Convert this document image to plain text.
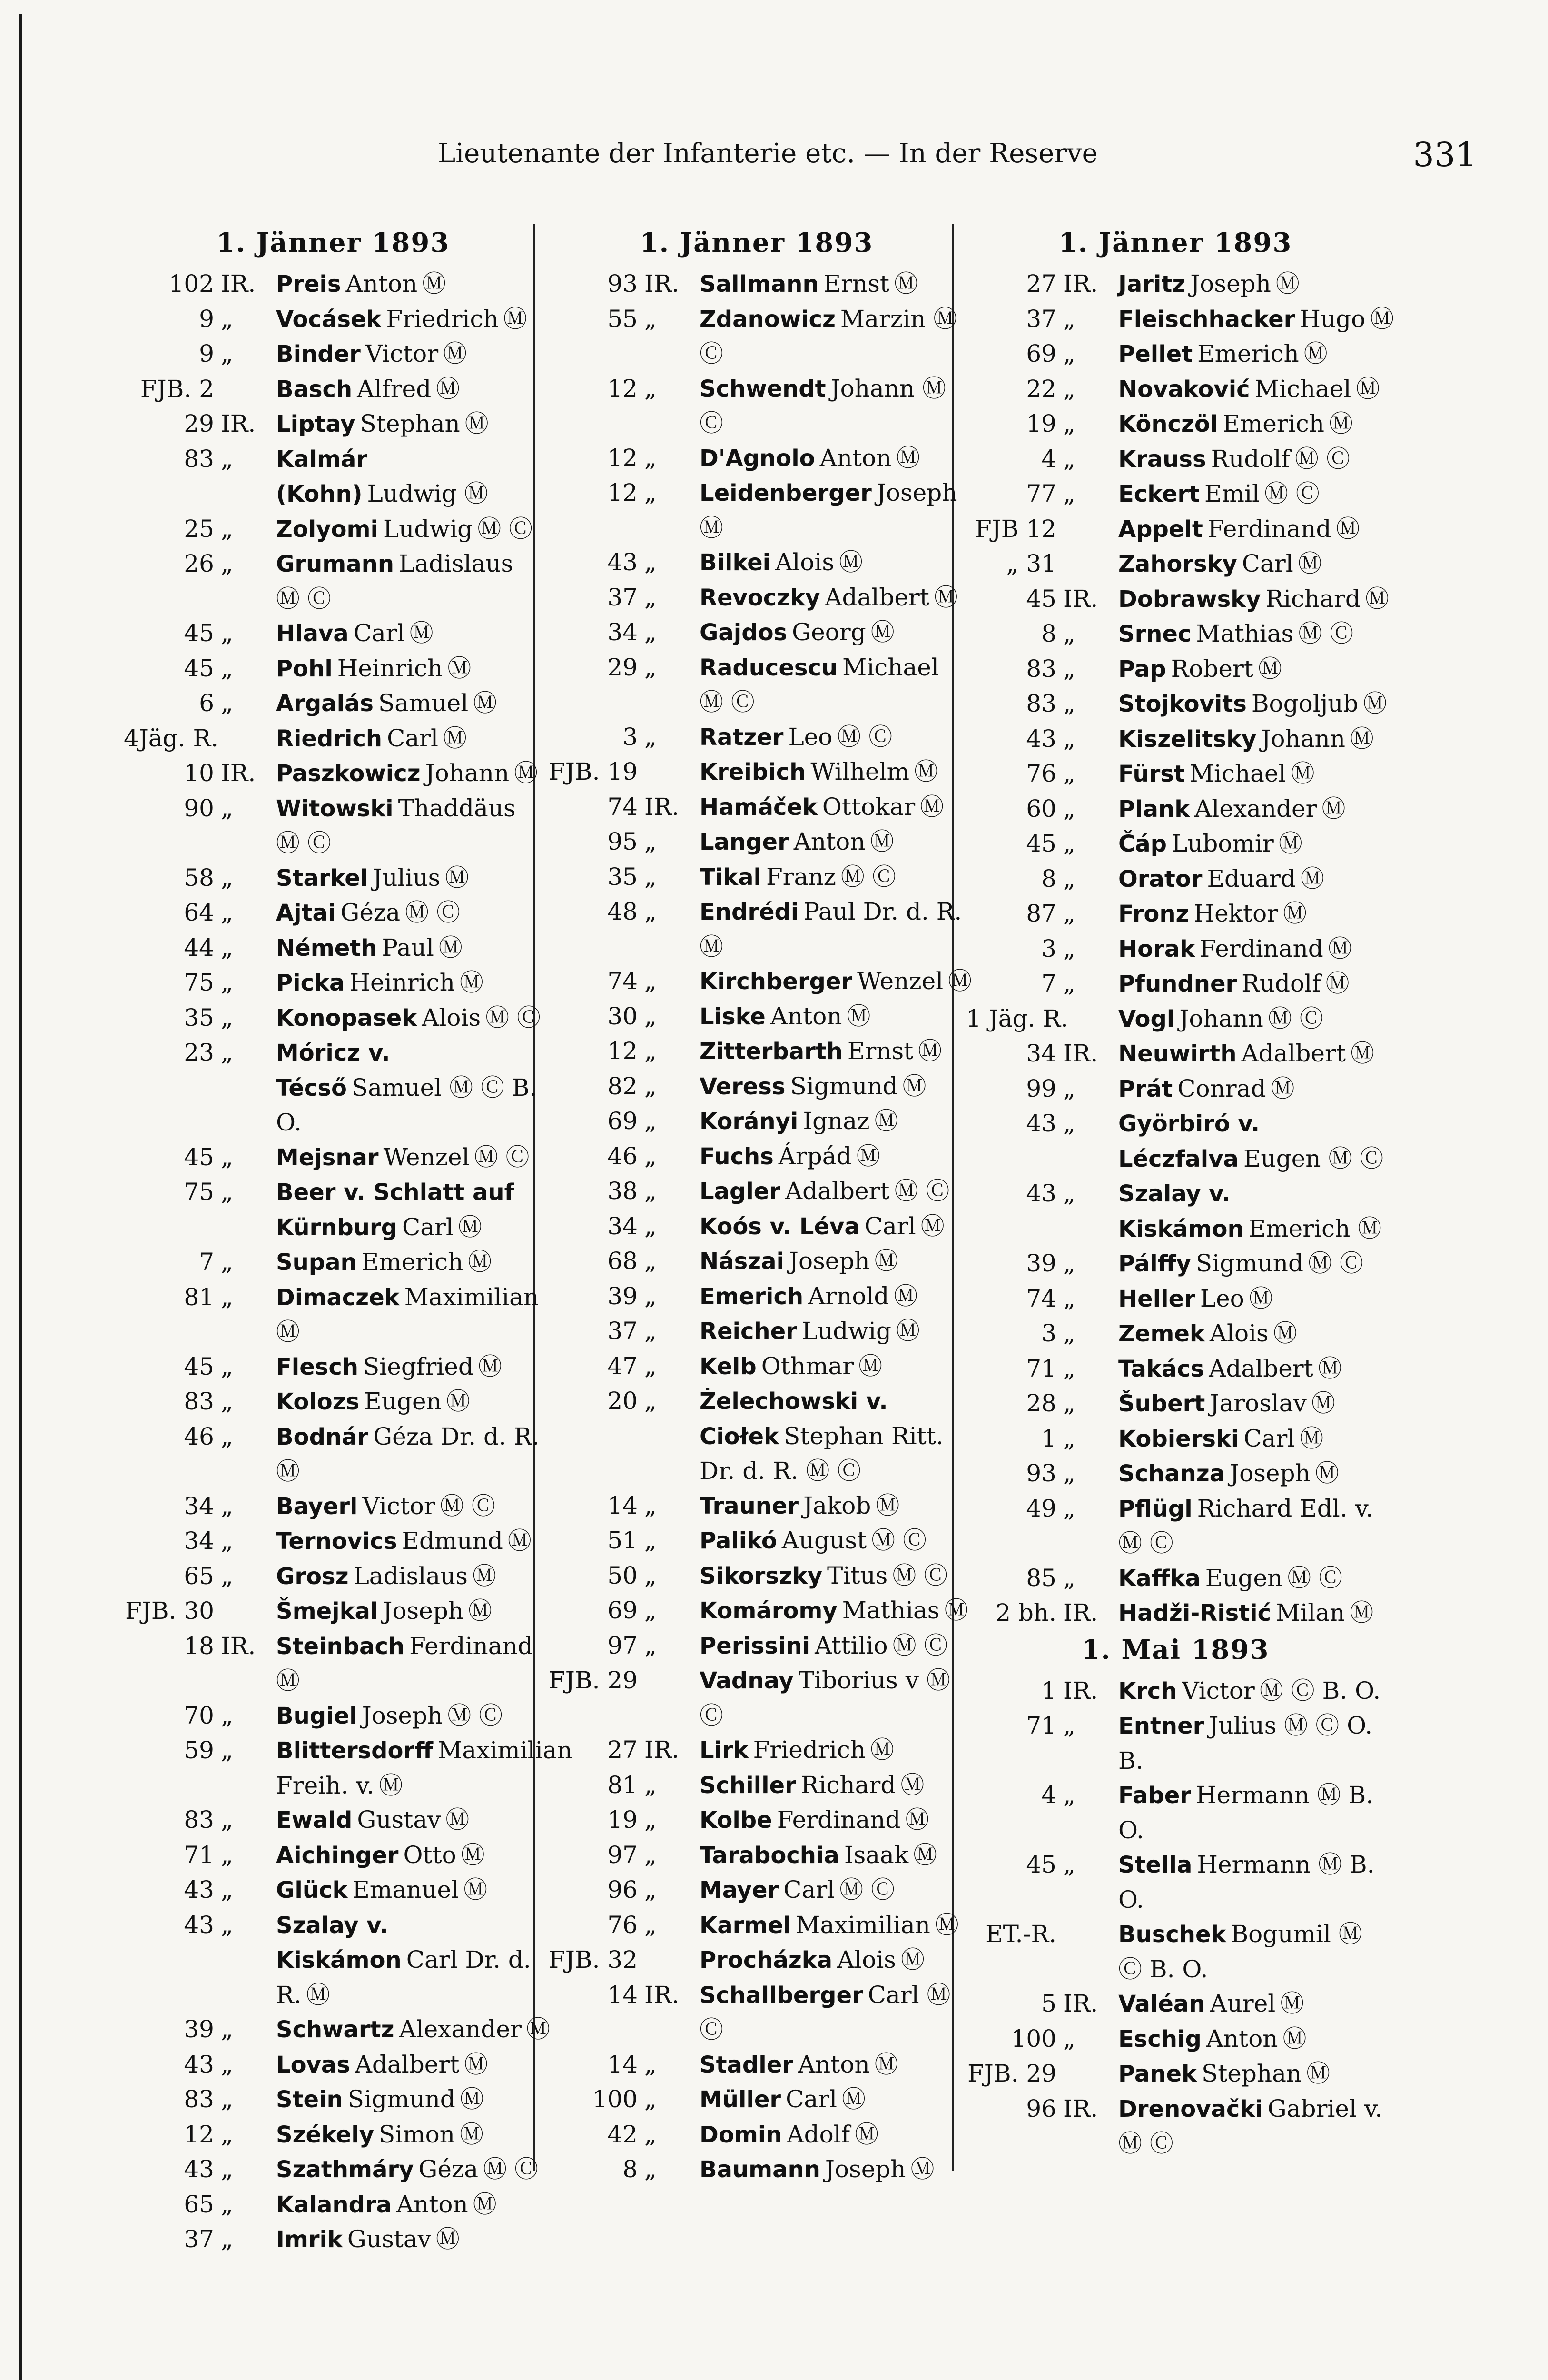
Lieutenante der Infanterie etc. — In der Reserve	331
1. Jänner 1893
102 IR. Preis Anton Ⓜ
9 „	Vocásek Friedrich Ⓜ
9 „	Binder Victor Ⓜ
FJB. 2	Basch Alfred Ⓜ
29 IR. Liptay Stephan Ⓜ
83 „	Kalmár (Kohn) Ludwig Ⓜ
25 „	Zolyomi Ludwig Ⓜ Ⓒ
26 „	Grumann Ladislaus Ⓜ Ⓒ
45 „	Hlava Carl Ⓜ
45 „	Pohl Heinrich Ⓜ
6 „	Argalás Samuel Ⓜ
4Jäg. R.	Riedrich Carl Ⓜ
10 IR. Paszkowicz Johann Ⓜ
90 „	Witowski Thaddäus Ⓜ Ⓒ
58 „	Starkel Julius Ⓜ
64 „	Ajtai Géza Ⓜ Ⓒ
44 „	Németh Paul Ⓜ
75 „	Picka Heinrich Ⓜ
35 „	Konopasek Alois Ⓜ Ⓒ
23 „	Móricz v. Técső Samuel Ⓜ Ⓒ B. O.
45 „	Mejsnar Wenzel Ⓜ Ⓒ
75 „	Beer v. Schlatt auf Kürnburg Carl Ⓜ
7 „	Supan Emerich Ⓜ
81 „	Dimaczek Maximilian Ⓜ
45 „	Flesch Siegfried Ⓜ
83 „	Kolozs Eugen Ⓜ
46 „	Bodnár Géza Dr. d. R. Ⓜ
34 „	Bayerl Victor Ⓜ Ⓒ
34 „	Ternovics Edmund Ⓜ
65 „	Grosz Ladislaus Ⓜ
FJB. 30	Šmejkal Joseph Ⓜ
18 IR. Steinbach Ferdinand Ⓜ
70 „	Bugiel Joseph Ⓜ Ⓒ
59 „	Blittersdorff Maximilian Freih. v. Ⓜ
83 „	Ewald Gustav Ⓜ
71 „	Aichinger Otto Ⓜ
43 „	Glück Emanuel Ⓜ
43 „	Szalay v. Kiskámon Carl Dr. d. R. Ⓜ
39 „	Schwartz Alexander Ⓜ
43 „	Lovas Adalbert Ⓜ
83 „	Stein Sigmund Ⓜ
12 „	Székely Simon Ⓜ
43 „	Szathmáry Géza Ⓜ Ⓒ
65 „	Kalandra Anton Ⓜ
37 „	Imrik Gustav Ⓜ
1. Jänner 1893
93 IR. Sallmann Ernst Ⓜ
55 „	Zdanowicz Marzin Ⓜ Ⓒ
12 „	Schwendt Johann Ⓜ Ⓒ
12 „	D'Agnolo Anton Ⓜ
12 „	Leidenberger Joseph Ⓜ
43 „	Bilkei Alois Ⓜ
37 „	Revoczky Adalbert Ⓜ
34 „	Gajdos Georg Ⓜ
29 „	Raducescu Michael Ⓜ Ⓒ
3 „	Ratzer Leo Ⓜ Ⓒ
FJB. 19	Kreibich Wilhelm Ⓜ
74 IR. Hamáček Ottokar Ⓜ
95 „	Langer Anton Ⓜ
35 „	Tikal Franz Ⓜ Ⓒ
48 „	Endrédi Paul Dr. d. R. Ⓜ
74 „	Kirchberger Wenzel Ⓜ
30 „	Liske Anton Ⓜ
12 „	Zitterbarth Ernst Ⓜ
82 „	Veress Sigmund Ⓜ
69 „	Korányi Ignaz Ⓜ
46 „	Fuchs Árpád Ⓜ
38 „	Lagler Adalbert Ⓜ Ⓒ
34 „	Koós v. Léva Carl Ⓜ
68 „	Nászai Joseph Ⓜ
39 „	Emerich Arnold Ⓜ
37 „	Reicher Ludwig Ⓜ
47 „	Kelb Othmar Ⓜ
20 „	Żelechowski v. Ciołek Stephan Ritt. Dr. d. R. Ⓜ Ⓒ
14 „	Trauner Jakob Ⓜ
51 „	Palikó August Ⓜ Ⓒ
50 „	Sikorszky Titus Ⓜ Ⓒ
69 „	Komáromy Mathias Ⓜ
97 „	Perissini Attilio Ⓜ Ⓒ
FJB. 29	Vadnay Tiborius v Ⓜ Ⓒ
27 IR. Lirk Friedrich Ⓜ
81 „	Schiller Richard Ⓜ
19 „	Kolbe Ferdinand Ⓜ
97 „	Tarabochia Isaak Ⓜ
96 „	Mayer Carl Ⓜ Ⓒ
76 „	Karmel Maximilian Ⓜ
FJB. 32	Procházka Alois Ⓜ
14 IR. Schallberger Carl Ⓜ Ⓒ
14 „	Stadler Anton Ⓜ
100 „	Müller Carl Ⓜ
42 „	Domin Adolf Ⓜ
8 „	Baumann Joseph Ⓜ
1. Jänner 1893
27 IR. Jaritz Joseph Ⓜ
37 „	Fleischhacker Hugo Ⓜ
69 „	Pellet Emerich Ⓜ
22 „	Novaković Michael Ⓜ
19 „	Könczöl Emerich Ⓜ
4 „	Krauss Rudolf Ⓜ Ⓒ
77 „	Eckert Emil Ⓜ Ⓒ
FJB 12	Appelt Ferdinand Ⓜ
„ 31	Zahorsky Carl Ⓜ
45 IR. Dobrawsky Richard Ⓜ
8 „	Srnec Mathias Ⓜ Ⓒ
83 „	Pap Robert Ⓜ
83 „	Stojkovits Bogoljub Ⓜ
43 „	Kiszelitsky Johann Ⓜ
76 „	Fürst Michael Ⓜ
60 „	Plank Alexander Ⓜ
45 „	Čáp Lubomir Ⓜ
8 „	Orator Eduard Ⓜ
87 „	Fronz Hektor Ⓜ
3 „	Horak Ferdinand Ⓜ
7 „	Pfundner Rudolf Ⓜ
1 Jäg. R. Vogl Johann Ⓜ Ⓒ
34 IR. Neuwirth Adalbert Ⓜ
99 „	Prát Conrad Ⓜ
43 „	Györbiró v. Léczfalva Eugen Ⓜ Ⓒ
43 „	Szalay v. Kiskámon Emerich Ⓜ
39 „	Pálffy Sigmund Ⓜ Ⓒ
74 „	Heller Leo Ⓜ
3 „	Zemek Alois Ⓜ
71 „	Takács Adalbert Ⓜ
28 „	Šubert Jaroslav Ⓜ
1 „	Kobierski Carl Ⓜ
93 „	Schanza Joseph Ⓜ
49 „	Pflügl Richard Edl. v. Ⓜ Ⓒ
85 „	Kaffka Eugen Ⓜ Ⓒ
2 bh. IR. Hadži-Ristić Milan Ⓜ
1. Mai 1893
1 IR. Krch Victor Ⓜ Ⓒ B. O.
71 „	Entner Julius Ⓜ Ⓒ O. B.
4 „	Faber Hermann Ⓜ B. O.
45 „	Stella Hermann Ⓜ B. O.
ET.-R.	Buschek Bogumil Ⓜ Ⓒ B. O.
5 IR. Valéan Aurel Ⓜ
100 „	Eschig Anton Ⓜ
FJB. 29	Panek Stephan Ⓜ
96 IR. Drenovački Gabriel v. Ⓜ Ⓒ
